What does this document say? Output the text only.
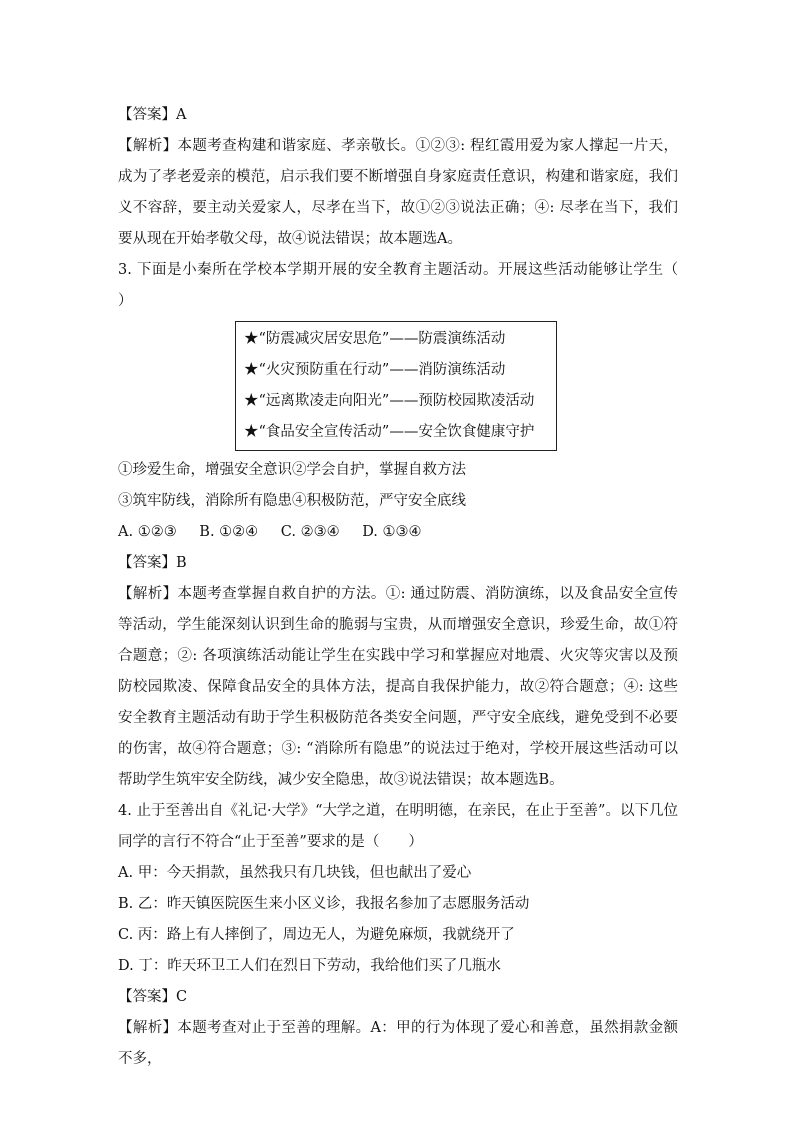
【答案】A

【解析】本题考查构建和谐家庭、孝亲敬长。①②③: 程红霞用爱为家人撑起一片天，成为了孝老爱亲的模范，启示我们要不断增强自身家庭责任意识，构建和谐家庭，我们义不容辞，要主动关爱家人，尽孝在当下，故①②③说法正确；④: 尽孝在当下，我们要从现在开始孝敬父母，故④说法错误；故本题选A。

3. 下面是小秦所在学校本学期开展的安全教育主题活动。开展这些活动能够让学生（　　）

★“防震减灾居安思危”——防震演练活动

★“火灾预防重在行动”——消防演练活动

★“远离欺凌走向阳光”——预防校园欺凌活动

★“食品安全宣传活动”——安全饮食健康守护

①珍爱生命，增强安全意识②学会自护，掌握自救方法

③筑牢防线，消除所有隐患④积极防范，严守安全底线

A. ①②③ B. ①②④ C. ②③④ D. ①③④

【答案】B

【解析】本题考查掌握自救自护的方法。①: 通过防震、消防演练，以及食品安全宣传等活动，学生能深刻认识到生命的脆弱与宝贵，从而增强安全意识，珍爱生命，故①符合题意；②: 各项演练活动能让学生在实践中学习和掌握应对地震、火灾等灾害以及预防校园欺凌、保障食品安全的具体方法，提高自我保护能力，故②符合题意；④: 这些安全教育主题活动有助于学生积极防范各类安全问题，严守安全底线，避免受到不必要的伤害，故④符合题意；③: “消除所有隐患”的说法过于绝对，学校开展这些活动可以帮助学生筑牢安全防线，减少安全隐患，故③说法错误；故本题选B。

4. 止于至善出自《礼记·大学》“大学之道，在明明德，在亲民，在止于至善”。以下几位同学的言行不符合“止于至善”要求的是（　　）

A. 甲：今天捐款，虽然我只有几块钱，但也献出了爱心

B. 乙：昨天镇医院医生来小区义诊，我报名参加了志愿服务活动

C. 丙：路上有人摔倒了，周边无人，为避免麻烦，我就绕开了

D. 丁：昨天环卫工人们在烈日下劳动，我给他们买了几瓶水

【答案】C

【解析】本题考查对止于至善的理解。A：甲的行为体现了爱心和善意，虽然捐款金额不多，
